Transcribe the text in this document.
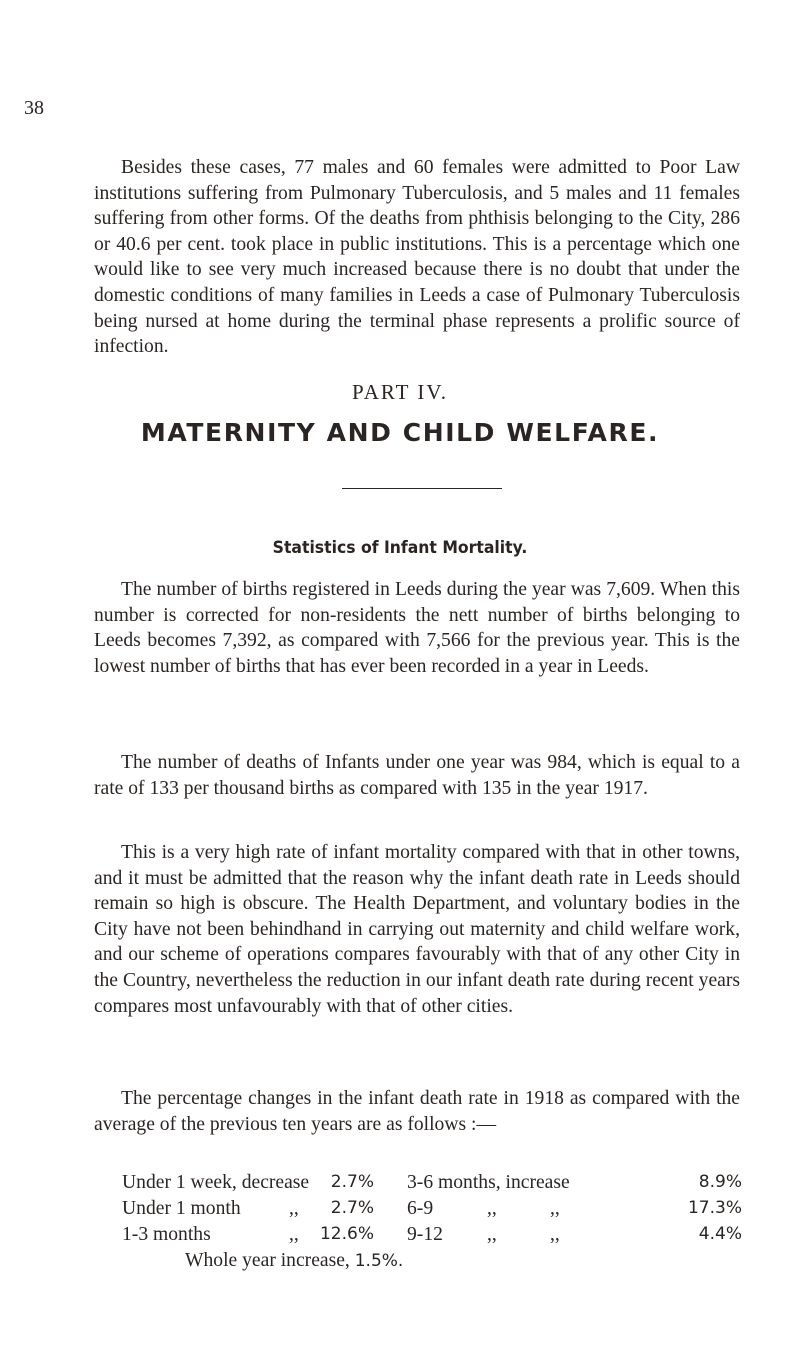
38

Besides these cases, 77 males and 60 females were admitted to Poor Law institutions suffering from Pulmonary Tuberculosis, and 5 males and 11 females suffering from other forms. Of the deaths from phthisis belonging to the City, 286 or 40.6 per cent. took place in public institutions. This is a percentage which one would like to see very much increased because there is no doubt that under the domestic conditions of many families in Leeds a case of Pulmonary Tuberculosis being nursed at home during the terminal phase represents a prolific source of infection.

PART IV.
MATERNITY AND CHILD WELFARE.
Statistics of Infant Mortality.

The number of births registered in Leeds during the year was 7,609. When this number is corrected for non-residents the nett number of births belonging to Leeds becomes 7,392, as compared with 7,566 for the previous year. This is the lowest number of births that has ever been recorded in a year in Leeds.

The number of deaths of Infants under one year was 984, which is equal to a rate of 133 per thousand births as compared with 135 in the year 1917.

This is a very high rate of infant mortality compared with that in other towns, and it must be admitted that the reason why the infant death rate in Leeds should remain so high is obscure. The Health Department, and voluntary bodies in the City have not been behindhand in carrying out maternity and child welfare work, and our scheme of operations compares favourably with that of any other City in the Country, nevertheless the reduction in our infant death rate during recent years compares most unfavourably with that of other cities.

The percentage changes in the infant death rate in 1918 as compared with the average of the previous ten years are as follows :—

Under 1 week, decrease	2.7% 3-6 months, increase	8.9%
Under 1 month ,,	2.7% 6-9	,,	,,	17.3%
1-3 months	,,	12.6% 9-12 ,,	,,	4.4%
Whole year increase, 1.5%.
